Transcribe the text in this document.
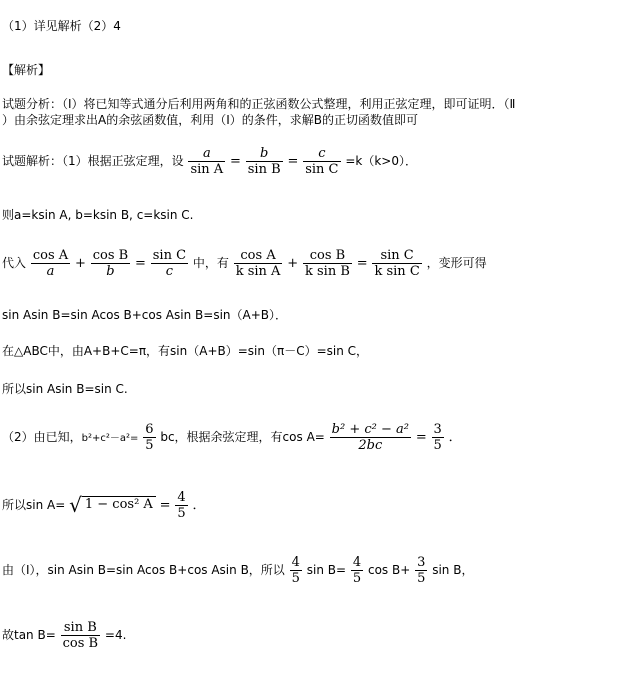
（1）详见解析（2）4
【解析】
试题分析：（Ⅰ）将已知等式通分后利用两角和的正弦函数公式整理，利用正弦定理，即可证明．（Ⅱ
）由余弦定理求出A的余弦函数值，利用（Ⅰ）的条件，求解B的正切函数值即可
试题解析：（1）根据正弦定理，设 $\frac{a}{\text{sin A}} = \frac{b}{\text{sin B}} = \frac{c}{\text{sin C}} =k(k>0)$．
则a=ksin A, b=ksin B, c=ksin C.
代入 $\frac{\text{cos A}}{a} + \frac{\text{cos B}}{b} = \frac{\text{sin C}}{c}$ 中，有 $\frac{\text{cos A}}{\text{k sin A}} + \frac{\text{cos B}}{\text{k sin B}} = \frac{\text{sin C}}{\text{k sin C}}$ ，变形可得
sin Asin B=sin Acos B+cos Asin B=sin（A+B）．
在△ABC中，由A+B+C=π，有sin（A+B）=sin（π－C）=sin C，
所以sin Asin B=sin C.
（2）由已知，$b^2+c^2-a^2= \frac{6}{5}$ bc，根据余弦定理，有$\cos A= \frac{\text{b² + c² − a²}}{2bc} = \frac{3}{5}$ ．
所以sin A= √ 1 − cos² $A = \frac{4}{5}$ ．
由（Ⅰ），sin Asin B=sin Acos B+cos Asin B，所以 $\frac{4}{5}$ $\sin B= \frac{4}{5}$ $\cos B+ \frac{3}{5}$ sin B，
故$\tan B= \frac{\text{sin B}}{\text{cos B}} =4$.
